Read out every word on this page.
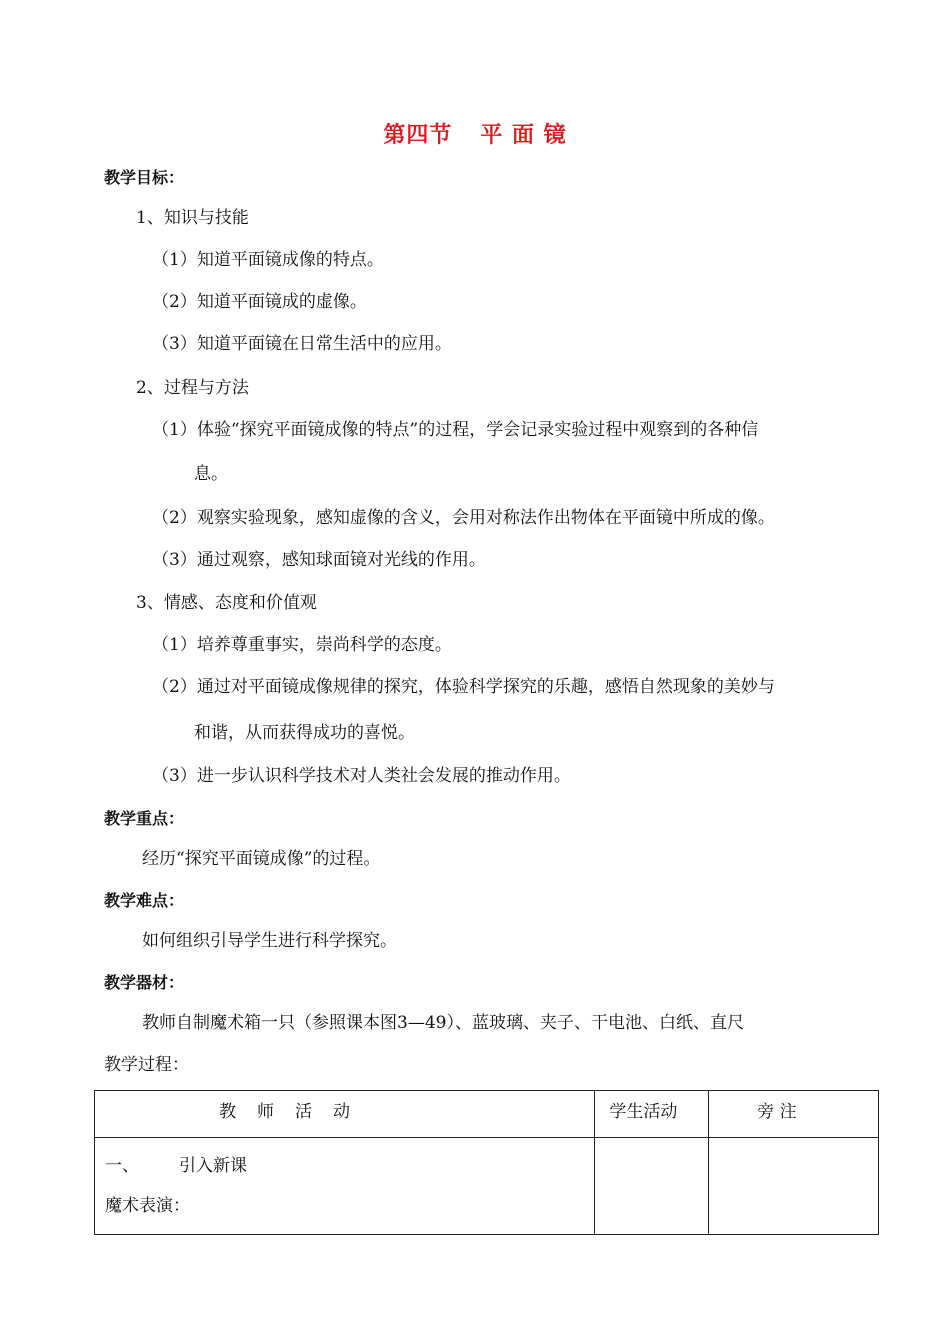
第四节 平 面 镜
教学目标：
1、知识与技能
（1）知道平面镜成像的特点。
（2）知道平面镜成的虚像。
（3）知道平面镜在日常生活中的应用。
2、过程与方法
（1）体验“探究平面镜成像的特点”的过程，学会记录实验过程中观察到的各种信
息。
（2）观察实验现象，感知虚像的含义，会用对称法作出物体在平面镜中所成的像。
（3）通过观察，感知球面镜对光线的作用。
3、情感、态度和价值观
（1）培养尊重事实，崇尚科学的态度。
（2）通过对平面镜成像规律的探究，体验科学探究的乐趣，感悟自然现象的美妙与
和谐，从而获得成功的喜悦。
（3）进一步认识科学技术对人类社会发展的推动作用。
教学重点：
经历“探究平面镜成像”的过程。
教学难点：
如何组织引导学生进行科学探究。
教学器材：
教师自制魔术箱一只（参照课本图3—49）、蓝玻璃、夹子、干电池、白纸、直尺
教学过程：
教　师　活　动	学生活动	旁 注

一、 引入新课
魔术表演：		
